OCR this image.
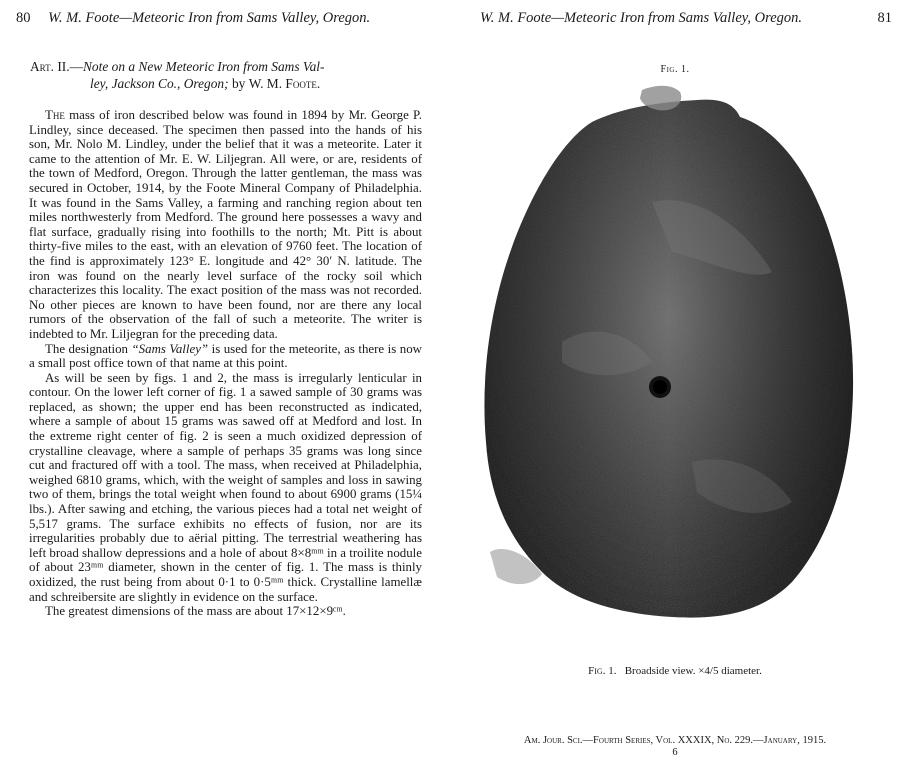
80 W. M. Foote—Meteoric Iron from Sams Valley, Oregon.
Art. II.—Note on a New Meteoric Iron from Sams Val-
ley, Jackson Co., Oregon; by W. M. Foote.

The mass of iron described below was found in 1894 by Mr. George P. Lindley, since deceased. The specimen then passed into the hands of his son, Mr. Nolo M. Lindley, under the belief that it was a meteorite. Later it came to the attention of Mr. E. W. Liljegran. All were, or are, residents of the town of Medford, Oregon. Through the latter gentleman, the mass was secured in October, 1914, by the Foote Mineral Company of Philadelphia. It was found in the Sams Valley, a farming and ranching region about ten miles northwesterly from Medford. The ground here possesses a wavy and flat surface, gradually rising into foothills to the north; Mt. Pitt is about thirty-five miles to the east, with an elevation of 9760 feet. The location of the find is approximately 123° E. longitude and 42° 30′ N. latitude. The iron was found on the nearly level surface of the rocky soil which characterizes this locality. The exact position of the mass was not recorded. No other pieces are known to have been found, nor are there any local rumors of the observation of the fall of such a meteorite. The writer is indebted to Mr. Liljegran for the preceding data.

The designation “Sams Valley” is used for the meteorite, as there is now a small post office town of that name at this point.

As will be seen by figs. 1 and 2, the mass is irregularly lenticular in contour. On the lower left corner of fig. 1 a sawed sample of 30 grams was replaced, as shown; the upper end has been reconstructed as indicated, where a sample of about 15 grams was sawed off at Medford and lost. In the extreme right center of fig. 2 is seen a much oxidized depression of crystalline cleavage, where a sample of perhaps 35 grams was long since cut and fractured off with a tool. The mass, when received at Philadelphia, weighed 6810 grams, which, with the weight of samples and loss in sawing two of them, brings the total weight when found to about 6900 grams (15¼ lbs.). After sawing and etching, the various pieces had a total net weight of 5,517 grams. The surface exhibits no effects of fusion, nor are its irregularities probably due to aërial pitting. The terrestrial weathering has left broad shallow depressions and a hole of about 8×8ᵐᵐ in a troilite nodule of about 23ᵐᵐ diameter, shown in the center of fig. 1. The mass is thinly oxidized, the rust being from about 0·1 to 0·5ᵐᵐ thick. Crystalline lamellæ and schreibersite are slightly in evidence on the surface.

The greatest dimensions of the mass are about 17×12×9ᶜᵐ.

W. M. Foote—Meteoric Iron from Sams Valley, Oregon.	81
Fig. 1.
Fig. 1. Broadside view. ×4/5 diameter.
Am. Jour. Sci.—Fourth Series, Vol. XXXIX, No. 229.—January, 1915.
6
